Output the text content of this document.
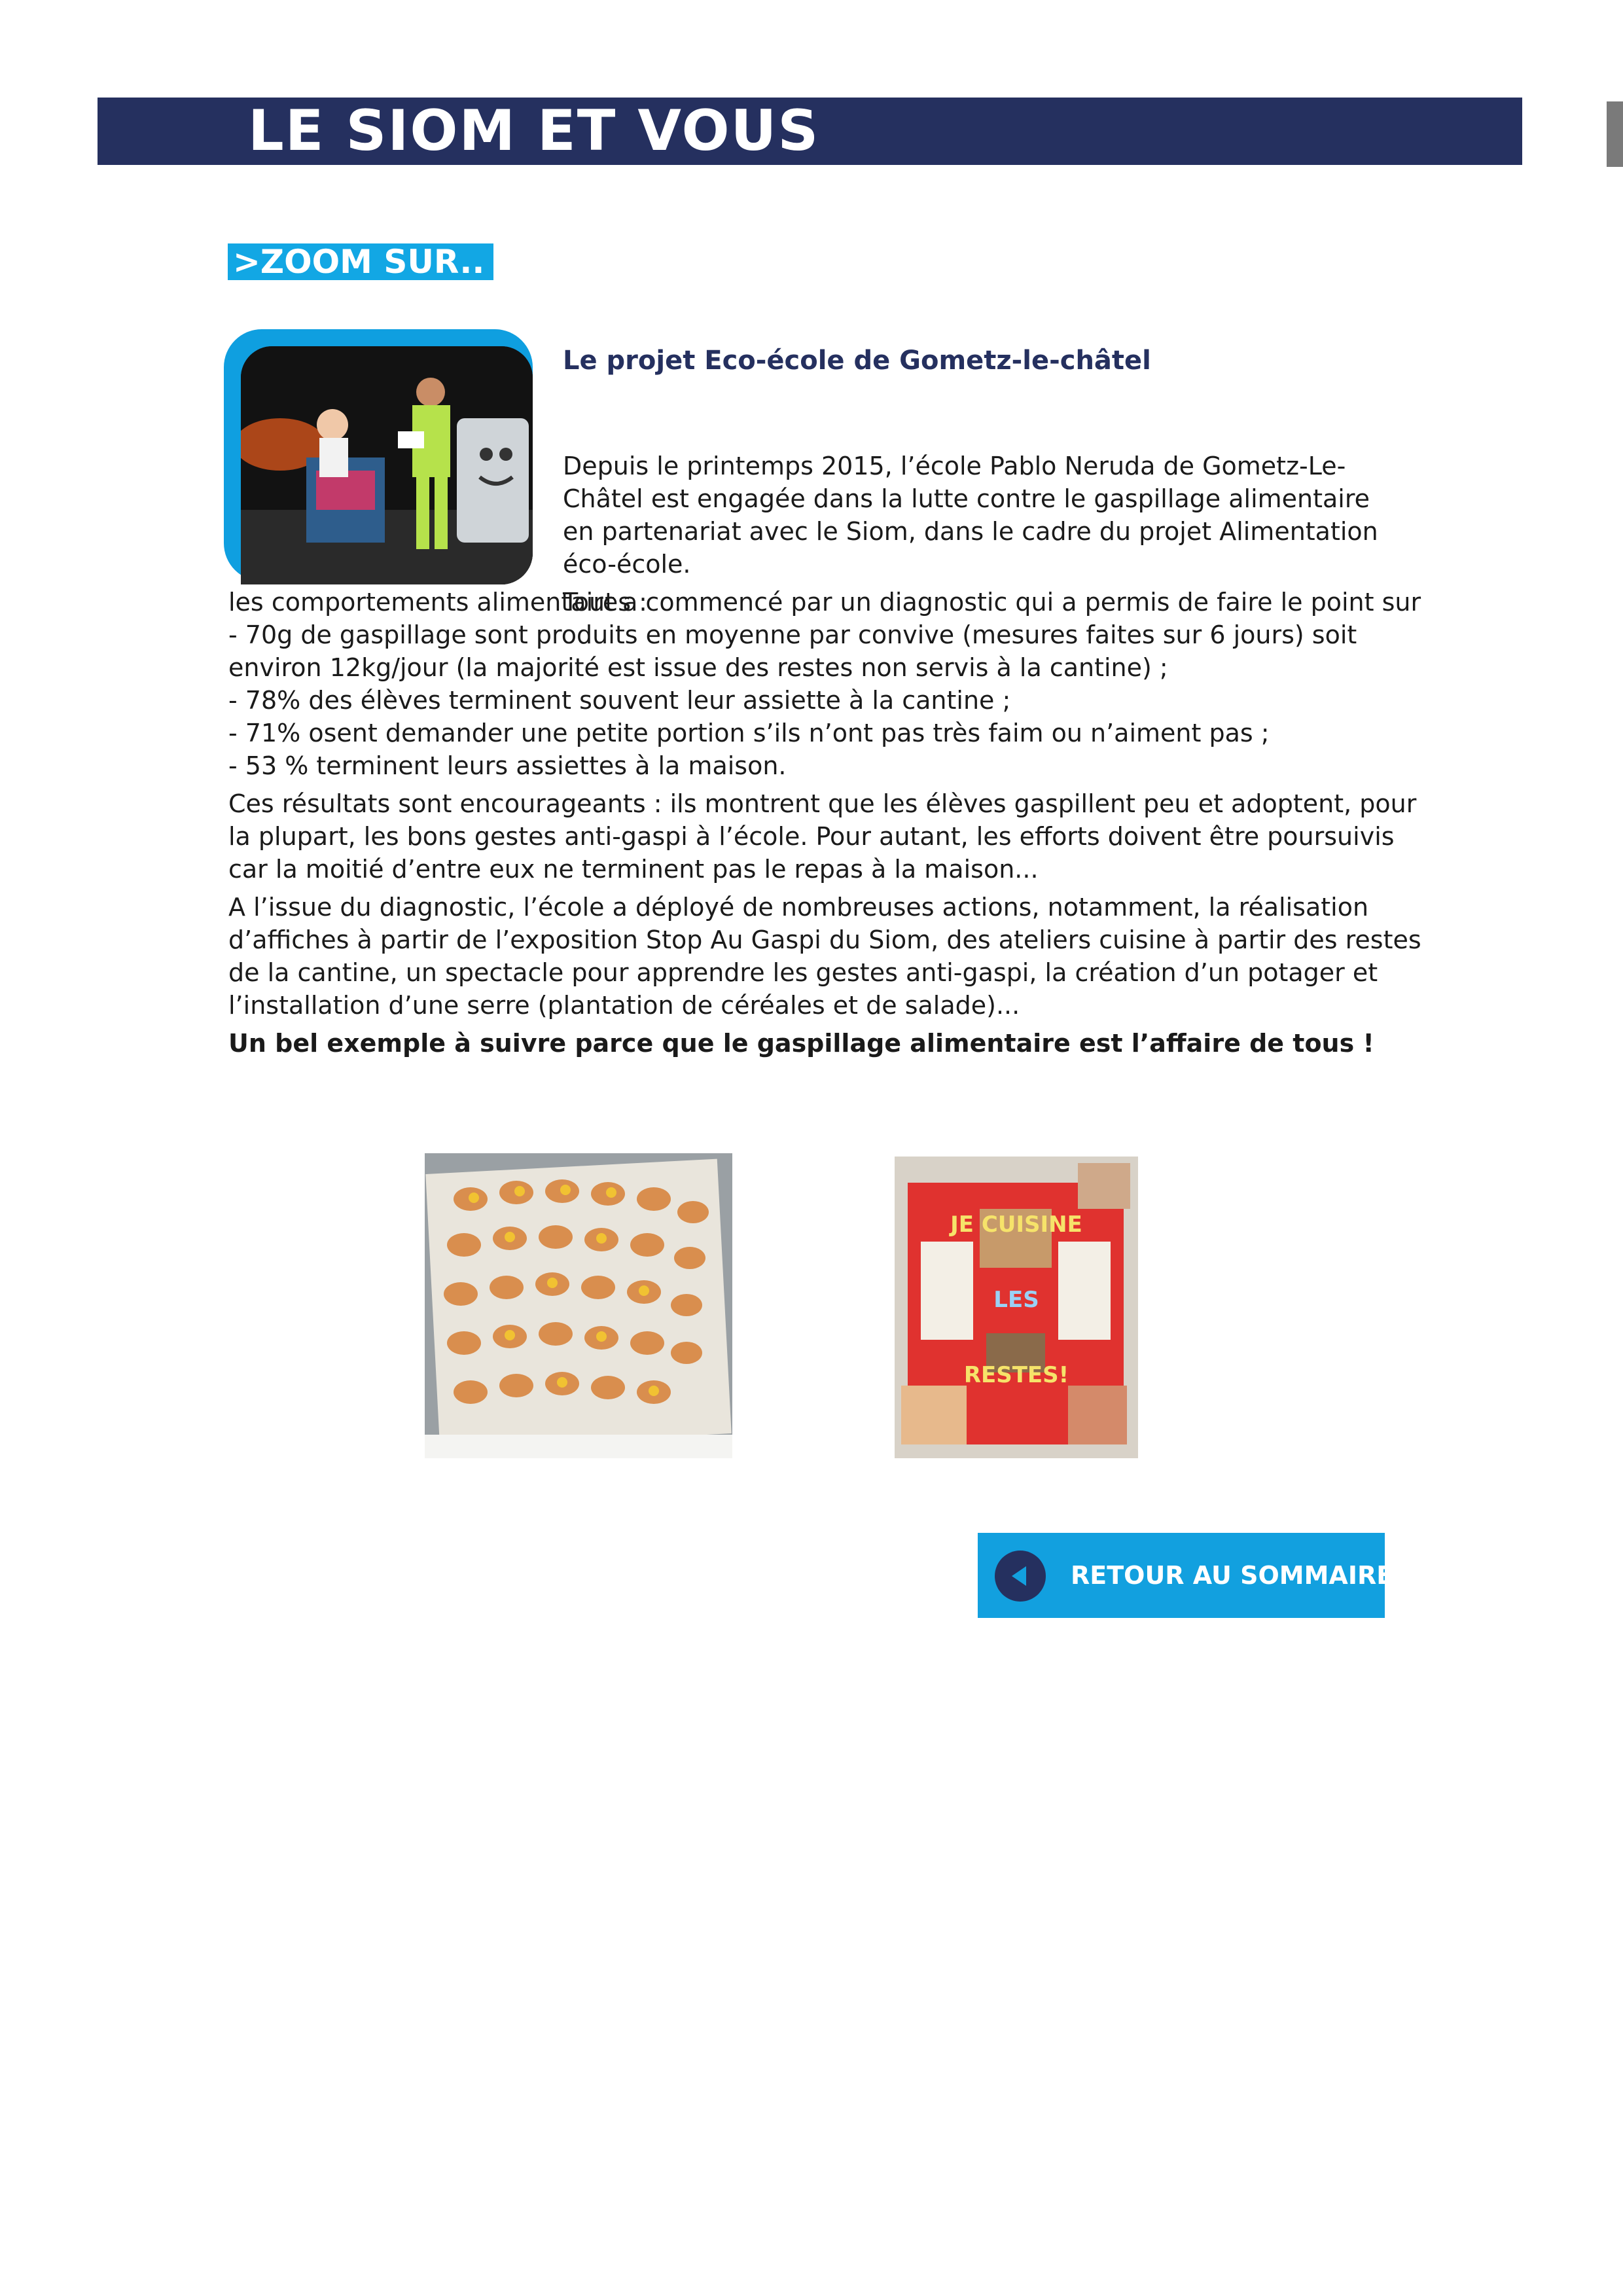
LE SIOM ET VOUS
>ZOOM SUR..
Le projet Eco-école de Gometz-le-châtel

Depuis le printemps 2015, l’école Pablo Neruda de Gometz-Le-

Châtel est engagée dans la lutte contre le gaspillage alimentaire

en partenariat avec le Siom, dans le cadre du projet Alimentation

éco-école.

Tout a commencé par un diagnostic qui a permis de faire le point sur

les comportements alimentaires :

- 70g de gaspillage sont produits en moyenne par convive (mesures faites sur 6 jours) soit

environ 12kg/jour (la majorité est issue des restes non servis à la cantine) ;

- 78% des élèves terminent souvent leur assiette à la cantine ;

- 71% osent demander une petite portion s’ils n’ont pas très faim ou n’aiment pas ;

- 53 % terminent leurs assiettes à la maison.

Ces résultats sont encourageants : ils montrent que les élèves gaspillent peu et adoptent, pour

la plupart, les bons gestes anti-gaspi à l’école. Pour autant, les efforts doivent être poursuivis

car la moitié d’entre eux ne terminent pas le repas à la maison...

A l’issue du diagnostic, l’école a déployé de nombreuses actions, notamment, la réalisation

d’affiches à partir de l’exposition Stop Au Gaspi du Siom, des ateliers cuisine à partir des restes

de la cantine, un spectacle pour apprendre les gestes anti-gaspi, la création d’un potager et

l’installation d’une serre (plantation de céréales et de salade)...

Un bel exemple à suivre parce que le gaspillage alimentaire est l’affaire de tous !

JE CUISINE
LES
RESTES!
RETOUR AU SOMMAIRE
